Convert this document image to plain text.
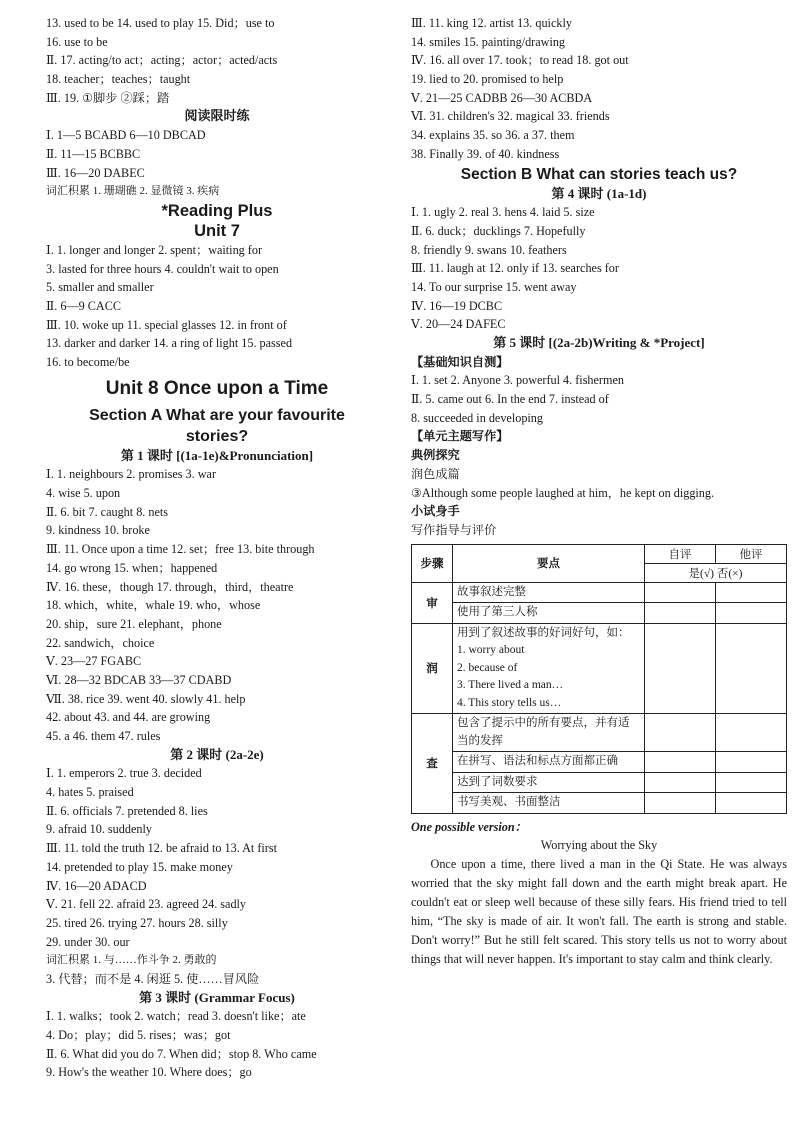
13. used to be 14. used to play 15. Did；use to
16. use to be
Ⅱ. 17. acting/to act；acting；actor；acted/acts
18. teacher；teaches；taught
Ⅲ. 19. ①脚步 ②踩；踏
阅读限时练
Ⅰ. 1—5 BCABD 6—10 DBCAD
Ⅱ. 11—15 BCBBC
Ⅲ. 16—20 DABEC
词汇积累 1. 珊瑚礁 2. 显微镜 3. 疾病
*Reading Plus
Unit 7
Ⅰ. 1. longer and longer 2. spent；waiting for
3. lasted for three hours 4. couldn't wait to open
5. smaller and smaller
Ⅱ. 6—9 CACC
Ⅲ. 10. woke up 11. special glasses 12. in front of
13. darker and darker 14. a ring of light 15. passed
16. to become/be
Unit 8 Once upon a Time
Section A What are your favourite
stories?
第 1 课时 [(1a-1e)&Pronunciation]
Ⅰ. 1. neighbours 2. promises 3. war
4. wise 5. upon
Ⅱ. 6. bit 7. caught 8. nets
9. kindness 10. broke
Ⅲ. 11. Once upon a time 12. set；free 13. bite through
14. go wrong 15. when；happened
Ⅳ. 16. these，though 17. through，third，theatre
18. which，white，whale 19. who，whose
20. ship，sure 21. elephant，phone
22. sandwich，choice
Ⅴ. 23—27 FGABC
Ⅵ. 28—32 BDCAB 33—37 CDABD
Ⅶ. 38. rice 39. went 40. slowly 41. help
42. about 43. and 44. are growing
45. a 46. them 47. rules
第 2 课时 (2a-2e)
Ⅰ. 1. emperors 2. true 3. decided
4. hates 5. praised
Ⅱ. 6. officials 7. pretended 8. lies
9. afraid 10. suddenly
Ⅲ. 11. told the truth 12. be afraid to 13. At first
14. pretended to play 15. make money
Ⅳ. 16—20 ADACD
Ⅴ. 21. fell 22. afraid 23. agreed 24. sadly
25. tired 26. trying 27. hours 28. silly
29. under 30. our
词汇积累 1. 与……作斗争 2. 勇敢的
3. 代替；而不是 4. 闲逛 5. 使……冒风险
第 3 课时 (Grammar Focus)
Ⅰ. 1. walks；took 2. watch；read 3. doesn't like；ate
4. Do；play；did 5. rises；was；got
Ⅱ. 6. What did you do 7. When did；stop 8. Who came
9. How's the weather 10. Where does；go
Ⅲ. 11. king 12. artist 13. quickly
14. smiles 15. painting/drawing
Ⅳ. 16. all over 17. took；to read 18. got out
19. lied to 20. promised to help
Ⅴ. 21—25 CADBB 26—30 ACBDA
Ⅵ. 31. children's 32. magical 33. friends
34. explains 35. so 36. a 37. them
38. Finally 39. of 40. kindness
Section B What can stories teach us?
第 4 课时 (1a-1d)
Ⅰ. 1. ugly 2. real 3. hens 4. laid 5. size
Ⅱ. 6. duck；ducklings 7. Hopefully
8. friendly 9. swans 10. feathers
Ⅲ. 11. laugh at 12. only if 13. searches for
14. To our surprise 15. went away
Ⅳ. 16—19 DCBC
Ⅴ. 20—24 DAFEC
第 5 课时 [(2a-2b)Writing & *Project]
【基础知识自测】
Ⅰ. 1. set 2. Anyone 3. powerful 4. fishermen
Ⅱ. 5. came out 6. In the end 7. instead of
8. succeeded in developing
【单元主题写作】
典例探究
润色成篇
③Although some people laughed at him，he kept on digging.
小试身手
写作指导与评价
步骤	要点	自评	他评
		是(√) 否(×)	
审	故事叙述完整		
	使用了第三人称		
润	用到了叙述故事的好词好句，如：
1. worry about
2. because of
3. There lived a man…
4. This story tells us…		

查	包含了提示中的所有要点，并有适当的发挥		
	在拼写、语法和标点方面都正确		
	达到了词数要求		
	书写美观、书面整洁		
One possible version：
Worrying about the Sky

Once upon a time, there lived a man in the Qi State. He was always worried that the sky might fall down and the earth might break apart. He couldn't eat or sleep well because of these silly fears. His friend tried to tell him, “The sky is made of air. It won't fall. The earth is strong and stable. Don't worry!” But he still felt scared. This story tells us not to worry about things that will never happen. It's important to stay calm and think clearly.
